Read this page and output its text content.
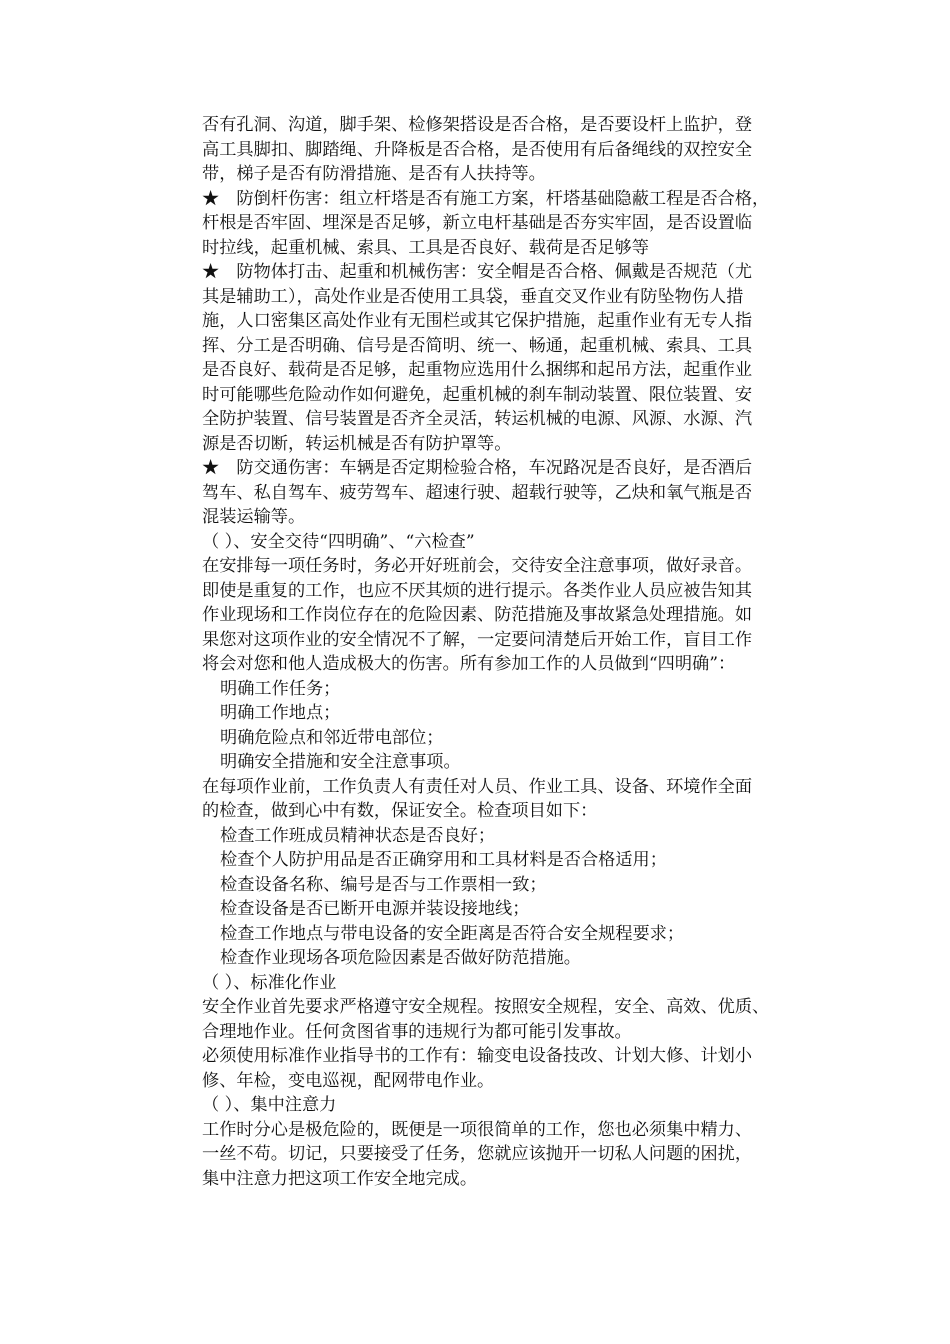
否有孔洞、沟道，脚手架、检修架搭设是否合格，是否要设杆上监护，登
高工具脚扣、脚踏绳、升降板是否合格，是否使用有后备绳线的双控安全
带，梯子是否有防滑措施、是否有人扶持等。
★　防倒杆伤害：组立杆塔是否有施工方案，杆塔基础隐蔽工程是否合格，
杆根是否牢固、埋深是否足够，新立电杆基础是否夯实牢固，是否设置临
时拉线，起重机械、索具、工具是否良好、载荷是否足够等
★　防物体打击、起重和机械伤害：安全帽是否合格、佩戴是否规范（尤
其是辅助工），高处作业是否使用工具袋，垂直交叉作业有防坠物伤人措
施，人口密集区高处作业有无围栏或其它保护措施，起重作业有无专人指
挥、分工是否明确、信号是否简明、统一、畅通，起重机械、索具、工具
是否良好、载荷是否足够，起重物应选用什么捆绑和起吊方法，起重作业
时可能哪些危险动作如何避免，起重机械的刹车制动装置、限位装置、安
全防护装置、信号装置是否齐全灵活，转运机械的电源、风源、水源、汽
源是否切断，转运机械是否有防护罩等。
★　防交通伤害：车辆是否定期检验合格，车况路况是否良好，是否酒后
驾车、私自驾车、疲劳驾车、超速行驶、超载行驶等，乙炔和氧气瓶是否
混装运输等。
（ ）、安全交待“四明确”、“六检查”
在安排每一项任务时，务必开好班前会，交待安全注意事项，做好录音。
即使是重复的工作，也应不厌其烦的进行提示。各类作业人员应被告知其
作业现场和工作岗位存在的危险因素、防范措施及事故紧急处理措施。如
果您对这项作业的安全情况不了解，一定要问清楚后开始工作，盲目工作
将会对您和他人造成极大的伤害。所有参加工作的人员做到“四明确”：
明确工作任务；
明确工作地点；
明确危险点和邻近带电部位；
明确安全措施和安全注意事项。
在每项作业前，工作负责人有责任对人员、作业工具、设备、环境作全面
的检查，做到心中有数，保证安全。检查项目如下：
检查工作班成员精神状态是否良好；
检查个人防护用品是否正确穿用和工具材料是否合格适用；
检查设备名称、编号是否与工作票相一致；
检查设备是否已断开电源并装设接地线；
检查工作地点与带电设备的安全距离是否符合安全规程要求；
检查作业现场各项危险因素是否做好防范措施。
（ ）、标准化作业
安全作业首先要求严格遵守安全规程。按照安全规程，安全、高效、优质、
合理地作业。任何贪图省事的违规行为都可能引发事故。
必须使用标准作业指导书的工作有：输变电设备技改、计划大修、计划小
修、年检，变电巡视，配网带电作业。
（ ）、集中注意力
工作时分心是极危险的，既便是一项很简单的工作，您也必须集中精力、
一丝不苟。切记，只要接受了任务，您就应该抛开一切私人问题的困扰，
集中注意力把这项工作安全地完成。
